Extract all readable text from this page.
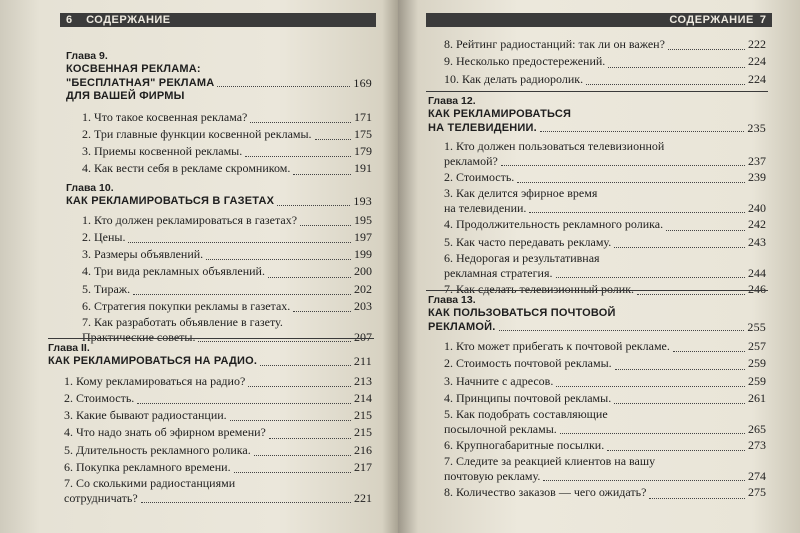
6 СОДЕРЖАНИЕ
Глава 9.
КОСВЕННАЯ РЕКЛАМА:
"БЕСПЛАТНАЯ" РЕКЛАМА	169
ДЛЯ ВАШЕЙ ФИРМЫ
1. Что такое косвенная реклама?	171
2. Три главные функции косвенной рекламы.	175
3. Приемы косвенной рекламы.	179
4. Как вести себя в рекламе скромником.	191
Глава 10.
КАК РЕКЛАМИРОВАТЬСЯ В ГАЗЕТАХ	193
1. Кто должен рекламироваться в газетах?	195
2. Цены.	197
3. Размеры объявлений.	199
4. Три вида рекламных объявлений.	200
5. Тираж.	202
6. Стратегия покупки рекламы в газетах.	203
7. Как разработать объявление в газету.
Практические советы.	207
Глава II.
КАК РЕКЛАМИРОВАТЬСЯ НА РАДИО.	211
1. Кому рекламироваться на радио?	213
2. Стоимость.	214
3. Какие бывают радиостанции.	215
4. Что надо знать об эфирном времени?	215
5. Длительность рекламного ролика.	216
6. Покупка рекламного времени.	217
7. Со сколькими радиостанциями
сотрудничать?	221
СОДЕРЖАНИЕ 7
8. Рейтинг радиостанций: так ли он важен?	222
9. Несколько предостережений.	224
10. Как делать радиоролик.	224
Глава 12.
КАК РЕКЛАМИРОВАТЬСЯ
НА ТЕЛЕВИДЕНИИ.	235
1. Кто должен пользоваться телевизионной
рекламой?	237
2. Стоимость.	239
3. Как делится эфирное время
на телевидении.	240
4. Продолжительность рекламного ролика.	242
5. Как часто передавать рекламу.	243
6. Недорогая и результативная
рекламная стратегия.	244
7. Как сделать телевизионный ролик.	246
Глава 13.
КАК ПОЛЬЗОВАТЬСЯ ПОЧТОВОЙ
РЕКЛАМОЙ.	255
1. Кто может прибегать к почтовой рекламе.	257
2. Стоимость почтовой рекламы.	259
3. Начните с адресов.	259
4. Принципы почтовой рекламы.	261
5. Как подобрать составляющие
посылочной рекламы.	265
6. Крупногабаритные посылки.	273
7. Следите за реакцией клиентов на вашу
почтовую рекламу.	274
8. Количество заказов — чего ожидать?	275
